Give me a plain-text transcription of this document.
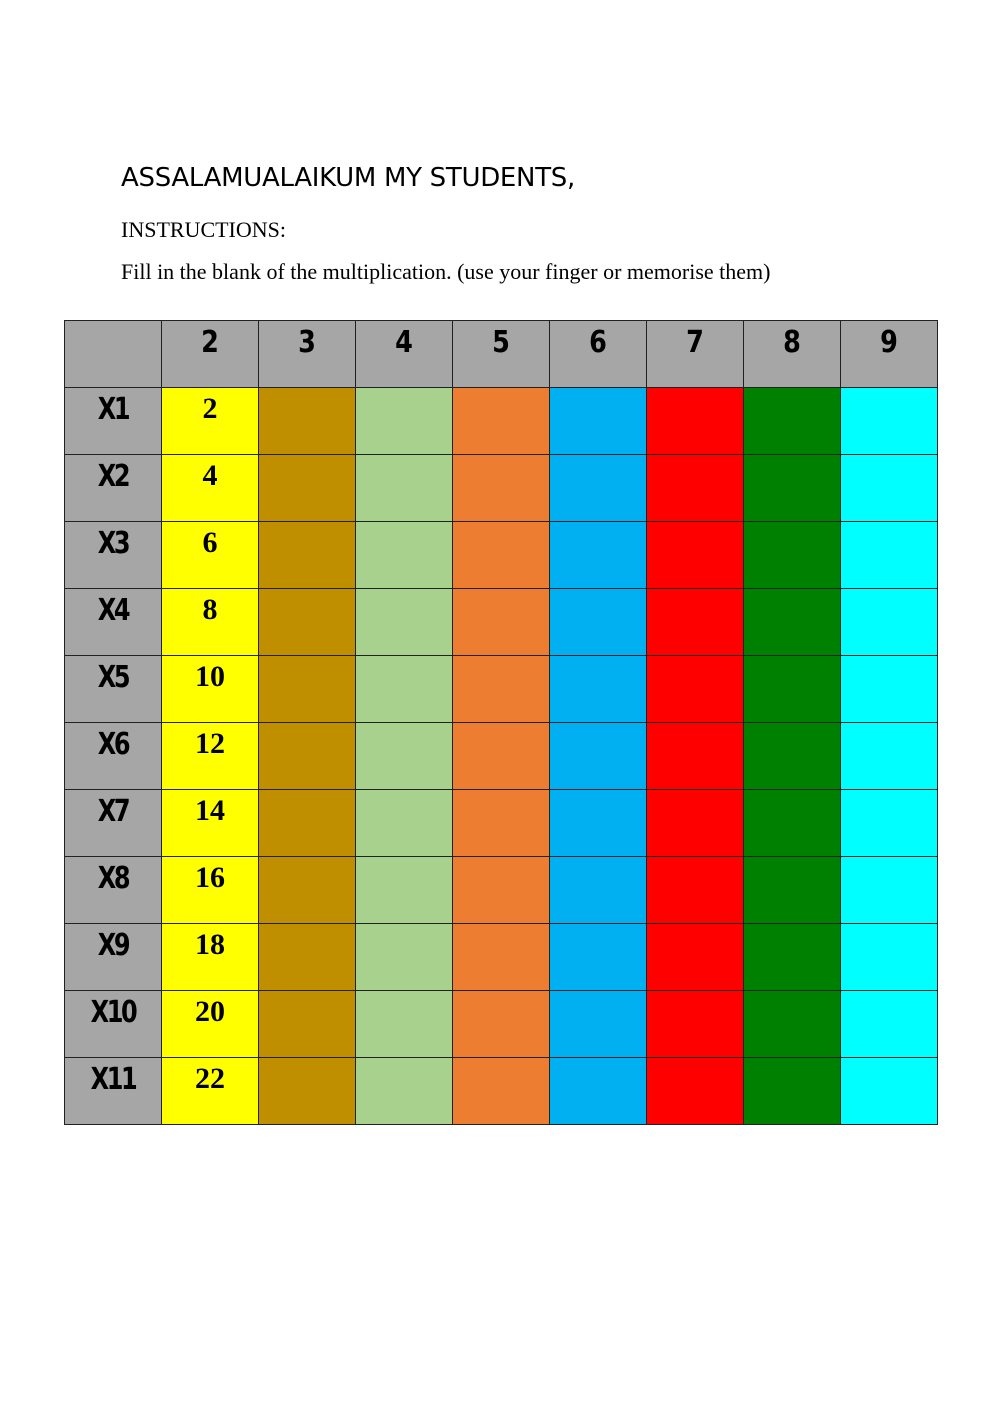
ASSALAMUALAIKUM MY STUDENTS,
INSTRUCTIONS:
Fill in the blank of the multiplication. (use your finger or memorise them)

	2	3	4	5	6	7	8	9

X1	2							

X2	4							

X3	6							

X4	8							

X5	10							

X6	12							

X7	14							

X8	16							

X9	18							

X10	20							

X11	22							
